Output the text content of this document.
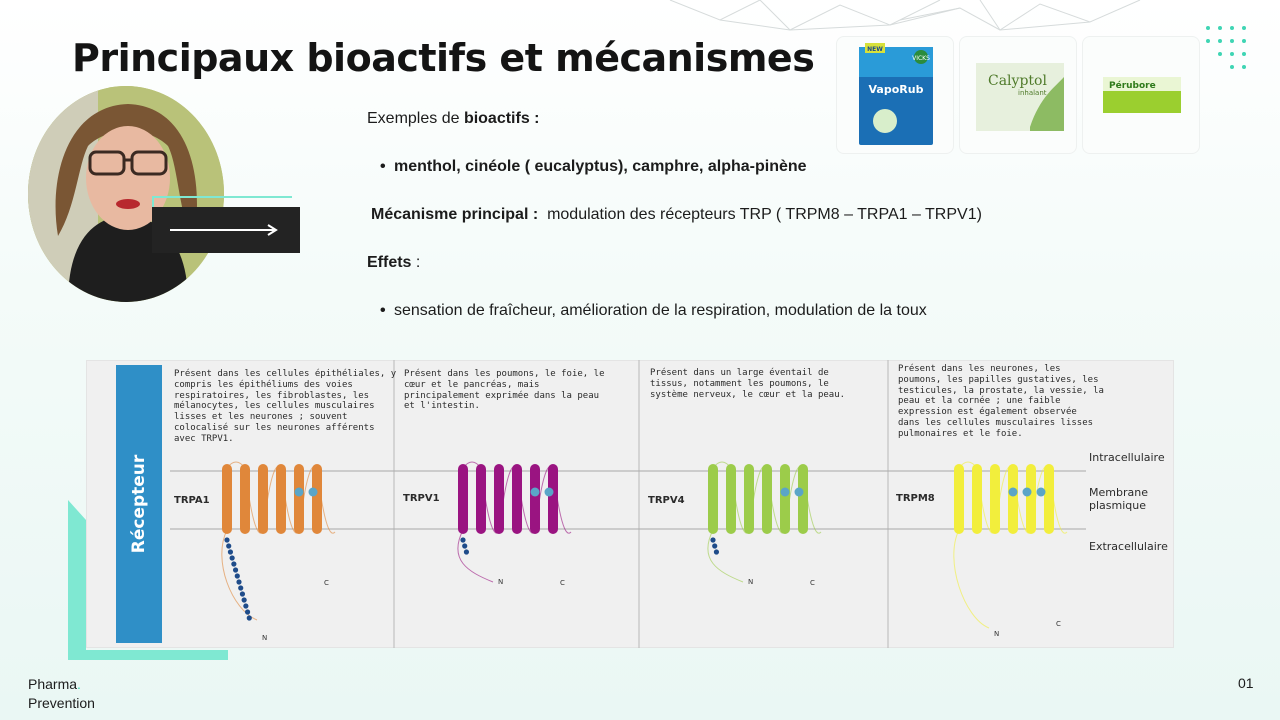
Principaux bioactifs et mécanismes
Exemples de bioactifs :
• menthol, cinéole ( eucalyptus), camphre, alpha-pinène
Mécanisme principal : modulation des récepteurs TRP ( TRPM8 – TRPA1 – TRPV1)
Effets :
• sensation de fraîcheur, amélioration de la respiration, modulation de la toux
VICKS
NEW
VapoRub
Calyptol
inhalant
Pérubore
Récepteur
N
C	N	C	N	C
N
C
Présent dans les cellules épithéliales, y
compris les épithéliums des voies
respiratoires, les fibroblastes, les
mélanocytes, les cellules musculaires
lisses et les neurones ; souvent
colocalisé sur les neurones afférents
avec TRPV1.
Présent dans les poumons, le foie, le
cœur et le pancréas, mais
principalement exprimée dans la peau
et l'intestin.
Présent dans un large éventail de
tissus, notamment les poumons, le
système nerveux, le cœur et la peau.
Présent dans les neurones, les
poumons, les papilles gustatives, les
testicules, la prostate, la vessie, la
peau et la cornée ; une faible
expression est également observée
dans les cellules musculaires lisses
pulmonaires et le foie.
TRPA1	TRPV1	TRPV4	TRPM8
Intracellulaire
Membrane
plasmique
Extracellulaire
Pharma.
Prevention
01
